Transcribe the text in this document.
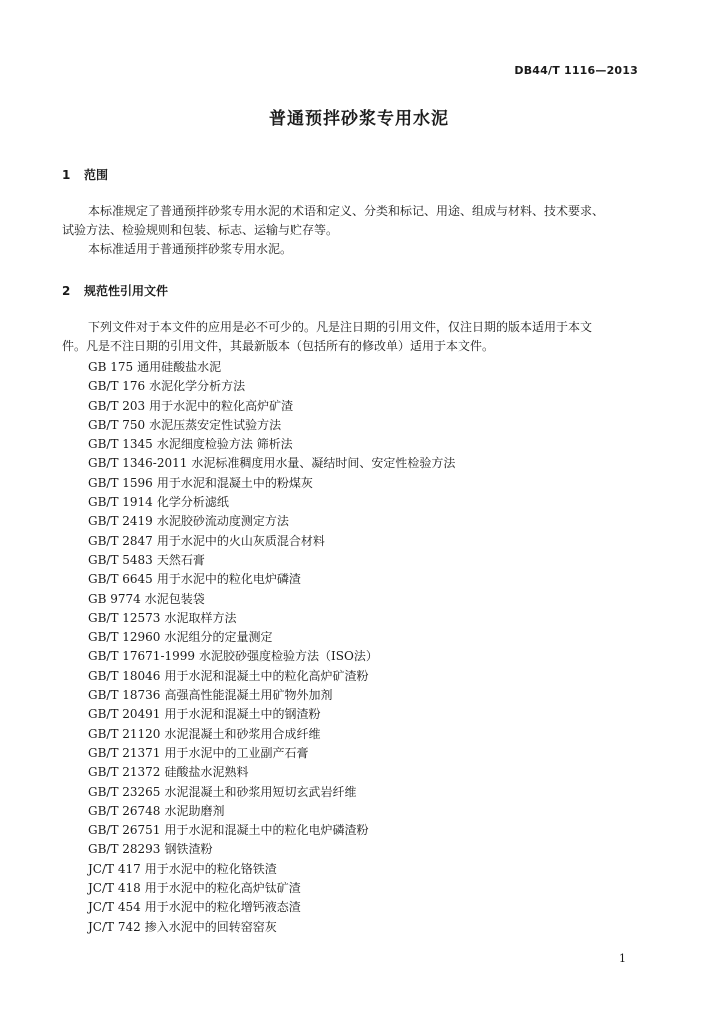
DB44/T 1116—2013
普通预拌砂浆专用水泥
1 范围
本标准规定了普通预拌砂浆专用水泥的术语和定义、分类和标记、用途、组成与材料、技术要求、
试验方法、检验规则和包装、标志、运输与贮存等。
本标准适用于普通预拌砂浆专用水泥。
2 规范性引用文件
下列文件对于本文件的应用是必不可少的。凡是注日期的引用文件，仅注日期的版本适用于本文
件。凡是不注日期的引用文件，其最新版本（包括所有的修改单）适用于本文件。
GB 175 通用硅酸盐水泥
GB/T 176 水泥化学分析方法
GB/T 203 用于水泥中的粒化高炉矿渣
GB/T 750 水泥压蒸安定性试验方法
GB/T 1345 水泥细度检验方法 筛析法
GB/T 1346-2011 水泥标准稠度用水量、凝结时间、安定性检验方法
GB/T 1596 用于水泥和混凝土中的粉煤灰
GB/T 1914 化学分析滤纸
GB/T 2419 水泥胶砂流动度测定方法
GB/T 2847 用于水泥中的火山灰质混合材料
GB/T 5483 天然石膏
GB/T 6645 用于水泥中的粒化电炉磷渣
GB 9774 水泥包装袋
GB/T 12573 水泥取样方法
GB/T 12960 水泥组分的定量测定
GB/T 17671-1999 水泥胶砂强度检验方法（ISO法）
GB/T 18046 用于水泥和混凝土中的粒化高炉矿渣粉
GB/T 18736 高强高性能混凝土用矿物外加剂
GB/T 20491 用于水泥和混凝土中的钢渣粉
GB/T 21120 水泥混凝土和砂浆用合成纤维
GB/T 21371 用于水泥中的工业副产石膏
GB/T 21372 硅酸盐水泥熟料
GB/T 23265 水泥混凝土和砂浆用短切玄武岩纤维
GB/T 26748 水泥助磨剂
GB/T 26751 用于水泥和混凝土中的粒化电炉磷渣粉
GB/T 28293 钢铁渣粉
JC/T 417 用于水泥中的粒化铬铁渣
JC/T 418 用于水泥中的粒化高炉钛矿渣
JC/T 454 用于水泥中的粒化增钙液态渣
JC/T 742 掺入水泥中的回转窑窑灰
1
